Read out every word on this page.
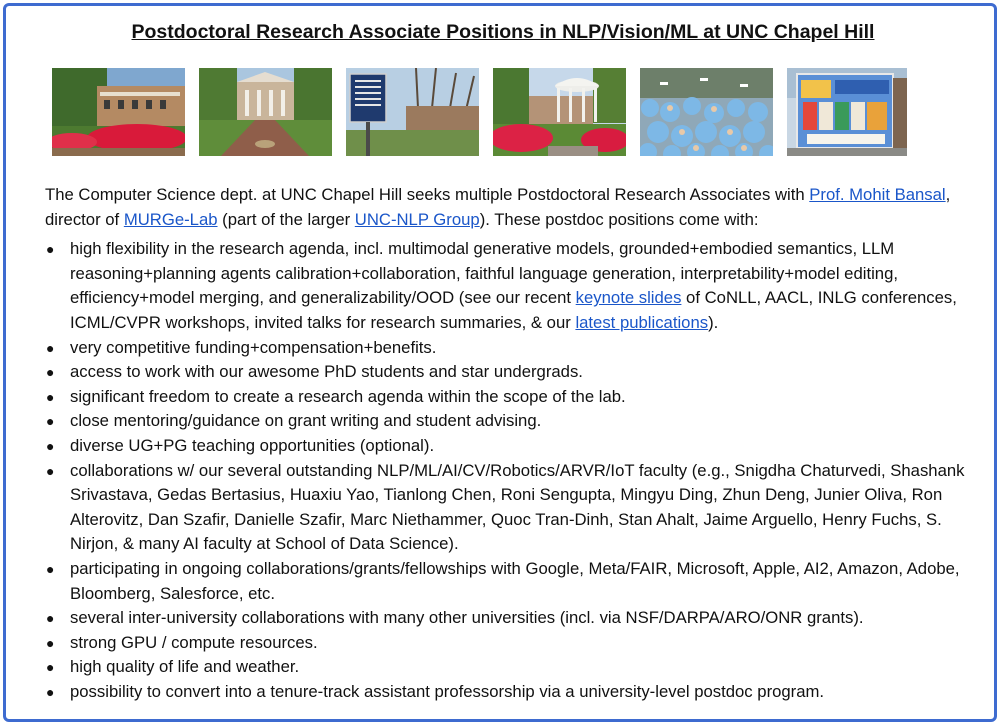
Postdoctoral Research Associate Positions in NLP/Vision/ML at UNC Chapel Hill

The Computer Science dept. at UNC Chapel Hill seeks multiple Postdoctoral Research Associates with Prof. Mohit Bansal, director of MURGe-Lab (part of the larger UNC-NLP Group). These postdoc positions come with:

● high flexibility in the research agenda, incl. multimodal generative models, grounded+embodied semantics, LLM reasoning+planning agents calibration+collaboration, faithful language generation, interpretability+model editing, efficiency+model merging, and generalizability/OOD (see our recent keynote slides of CoNLL, AACL, INLG conferences, ICML/CVPR workshops, invited talks for research summaries, & our latest publications).
● very competitive funding+compensation+benefits.
● access to work with our awesome PhD students and star undergrads.
● significant freedom to create a research agenda within the scope of the lab.
● close mentoring/guidance on grant writing and student advising.
● diverse UG+PG teaching opportunities (optional).
● collaborations w/ our several outstanding NLP/ML/AI/CV/Robotics/ARVR/IoT faculty (e.g., Snigdha Chaturvedi, Shashank Srivastava, Gedas Bertasius, Huaxiu Yao, Tianlong Chen, Roni Sengupta, Mingyu Ding, Zhun Deng, Junier Oliva, Ron Alterovitz, Dan Szafir, Danielle Szafir, Marc Niethammer, Quoc Tran-Dinh, Stan Ahalt, Jaime Arguello, Henry Fuchs, S. Nirjon, & many AI faculty at School of Data Science).
● participating in ongoing collaborations/grants/fellowships with Google, Meta/FAIR, Microsoft, Apple, AI2, Amazon, Adobe, Bloomberg, Salesforce, etc.
● several inter-university collaborations with many other universities (incl. via NSF/DARPA/ARO/ONR grants).
● strong GPU / compute resources.
● high quality of life and weather.
● possibility to convert into a tenure-track assistant professorship via a university-level postdoc program.
